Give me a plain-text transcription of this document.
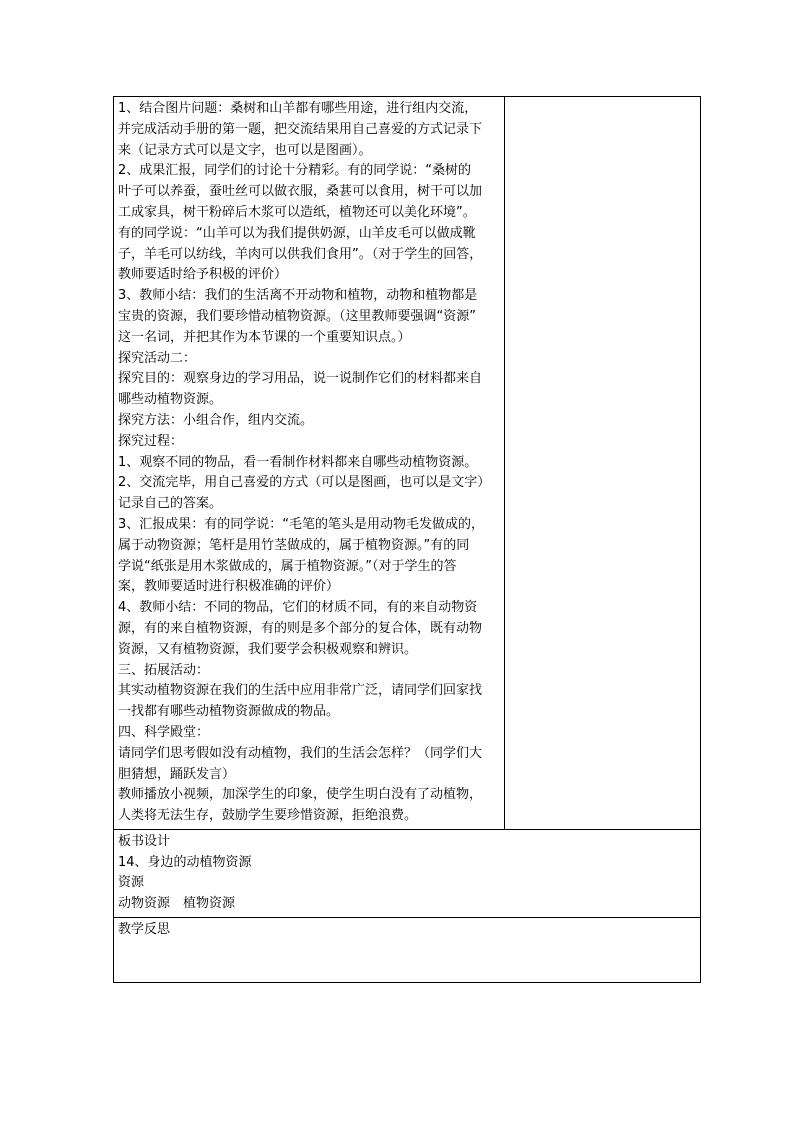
1、结合图片问题：桑树和山羊都有哪些用途，进行组内交流，
并完成活动手册的第一题，把交流结果用自己喜爱的方式记录下
来（记录方式可以是文字，也可以是图画）。
2、成果汇报，同学们的讨论十分精彩。有的同学说：“桑树的
叶子可以养蚕，蚕吐丝可以做衣服，桑葚可以食用，树干可以加
工成家具，树干粉碎后木浆可以造纸，植物还可以美化环境”。
有的同学说：“山羊可以为我们提供奶源，山羊皮毛可以做成靴
子，羊毛可以纺线，羊肉可以供我们食用”。（对于学生的回答，
教师要适时给予积极的评价）
3、教师小结：我们的生活离不开动物和植物，动物和植物都是
宝贵的资源，我们要珍惜动植物资源。（这里教师要强调“资源”
这一名词，并把其作为本节课的一个重要知识点。）
探究活动二：
探究目的：观察身边的学习用品，说一说制作它们的材料都来自
哪些动植物资源。
探究方法：小组合作，组内交流。
探究过程：
1、观察不同的物品，看一看制作材料都来自哪些动植物资源。
2、交流完毕，用自己喜爱的方式（可以是图画，也可以是文字）
记录自己的答案。
3、汇报成果：有的同学说：“毛笔的笔头是用动物毛发做成的，
属于动物资源；笔杆是用竹茎做成的，属于植物资源。”有的同
学说“纸张是用木浆做成的，属于植物资源。”（对于学生的答
案，教师要适时进行积极准确的评价）
4、教师小结：不同的物品，它们的材质不同，有的来自动物资
源，有的来自植物资源，有的则是多个部分的复合体，既有动物
资源，又有植物资源，我们要学会积极观察和辨识。
三、拓展活动：
其实动植物资源在我们的生活中应用非常广泛，请同学们回家找
一找都有哪些动植物资源做成的物品。
四、科学殿堂：
请同学们思考假如没有动植物，我们的生活会怎样？（同学们大
胆猜想，踊跃发言）
教师播放小视频，加深学生的印象，使学生明白没有了动植物，
人类将无法生存，鼓励学生要珍惜资源，拒绝浪费。

板书设计
14、身边的动植物资源
资源
动物资源　植物资源

教学反思
